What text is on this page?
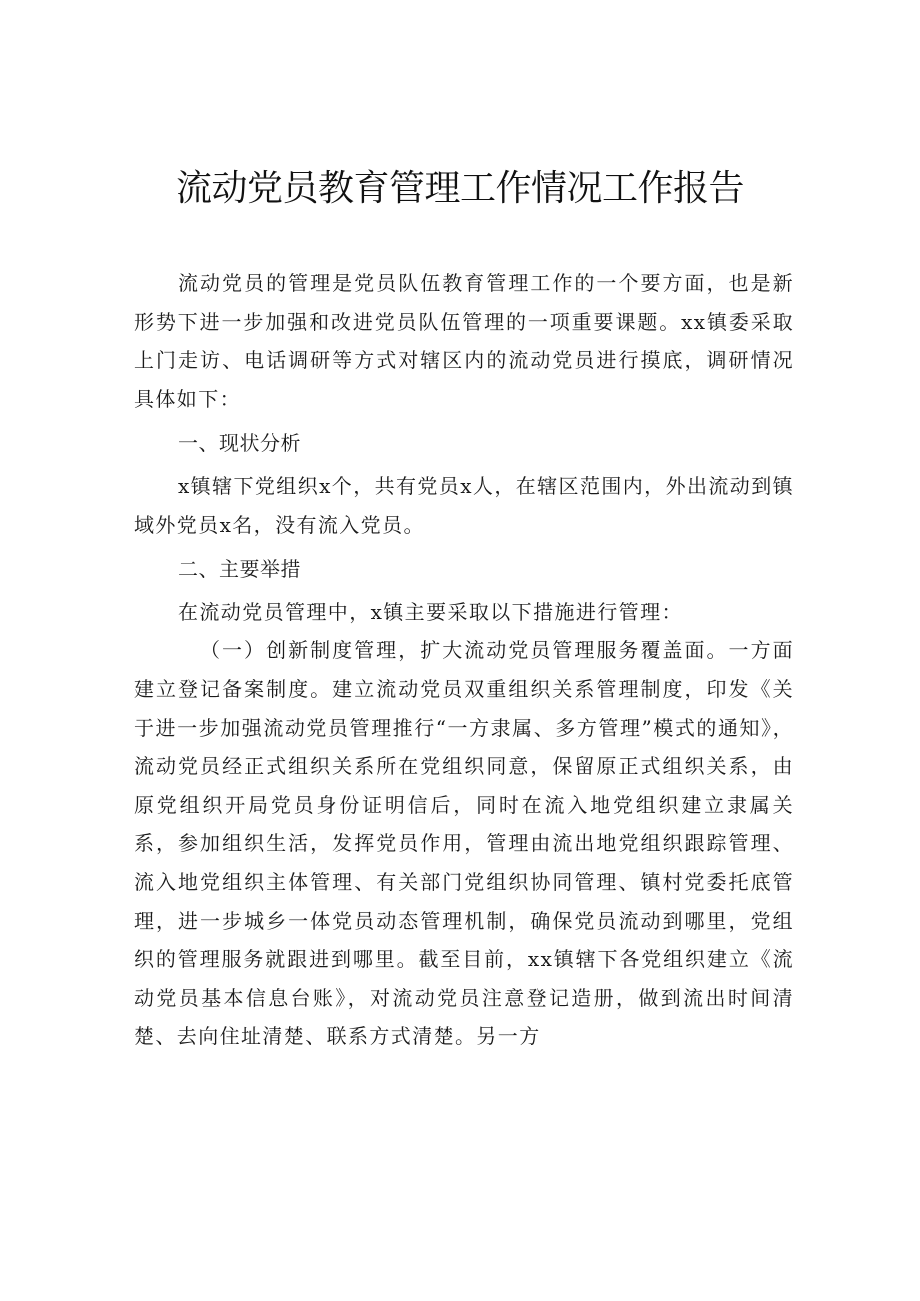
流动党员教育管理工作情况工作报告

流动党员的管理是党员队伍教育管理工作的一个要方面，也是新形势下进一步加强和改进党员队伍管理的一项重要课题。xx镇委采取上门走访、电话调研等方式对辖区内的流动党员进行摸底，调研情况具体如下：

一、现状分析

x镇辖下党组织x个，共有党员x人，在辖区范围内，外出流动到镇域外党员x名，没有流入党员。

二、主要举措

在流动党员管理中，x镇主要采取以下措施进行管理：

（一）创新制度管理，扩大流动党员管理服务覆盖面。一方面建立登记备案制度。建立流动党员双重组织关系管理制度，印发《关于进一步加强流动党员管理推行“一方隶属、多方管理”模式的通知》，流动党员经正式组织关系所在党组织同意，保留原正式组织关系，由原党组织开局党员身份证明信后，同时在流入地党组织建立隶属关系，参加组织生活，发挥党员作用，管理由流出地党组织跟踪管理、流入地党组织主体管理、有关部门党组织协同管理、镇村党委托底管理，进一步城乡一体党员动态管理机制，确保党员流动到哪里，党组织的管理服务就跟进到哪里。截至目前，xx镇辖下各党组织建立《流动党员基本信息台账》，对流动党员注意登记造册，做到流出时间清楚、去向住址清楚、联系方式清楚。另一方
